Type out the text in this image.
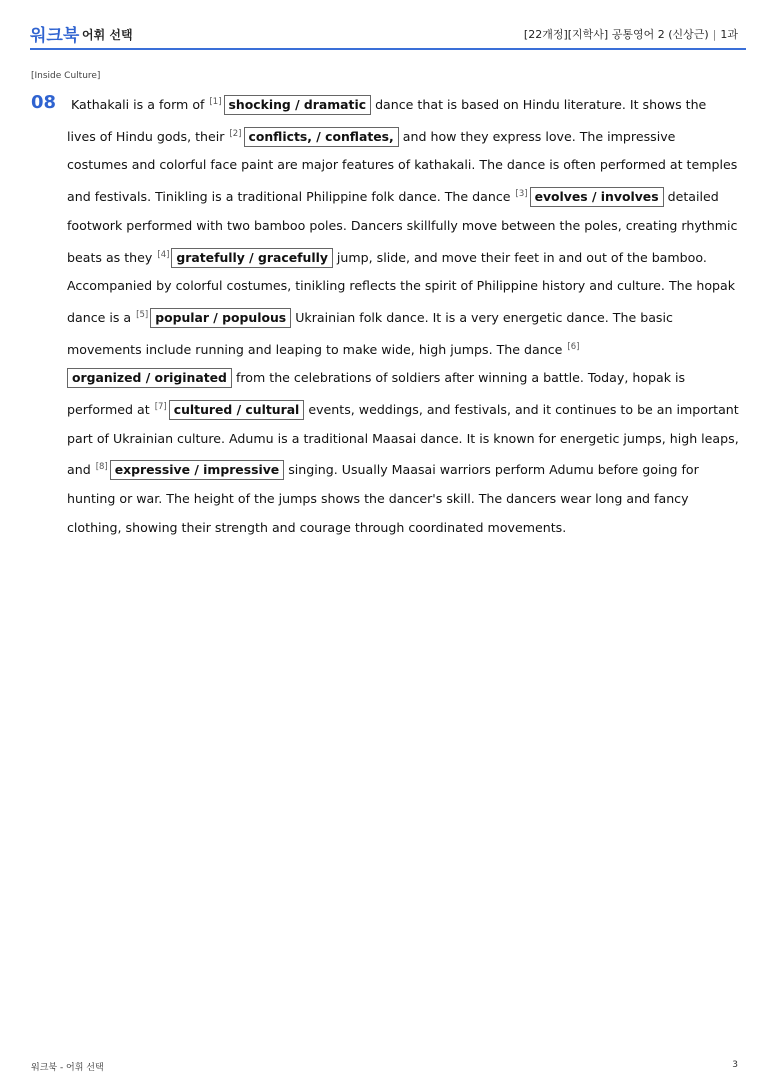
워크북 어휘 선택	[22개정][지학사] 공통영어 2 (신상근) | 1과
[Inside Culture]
08	Kathakali is a form of [1] shocking / dramatic dance that is based on Hindu literature. It shows the lives of Hindu gods, their [2] conflicts, / conflates, and how they express love. The impressive costumes and colorful face paint are major features of kathakali. The dance is often performed at temples and festivals. Tinikling is a traditional Philippine folk dance. The dance [3] evolves / involves detailed footwork performed with two bamboo poles. Dancers skillfully move between the poles, creating rhythmic beats as they [4] gratefully / gracefully jump, slide, and move their feet in and out of the bamboo. Accompanied by colorful costumes, tinikling reflects the spirit of Philippine history and culture. The hopak dance is a [5] popular / populous Ukrainian folk dance. It is a very energetic dance. The basic movements include running and leaping to make wide, high jumps. The dance [6]organized / originated from the celebrations of soldiers after winning a battle. Today, hopak is performed at [7] cultured / cultural events, weddings, and festivals, and it continues to be an important part of Ukrainian culture. Adumu is a traditional Maasai dance. It is known for energetic jumps, high leaps, and [8] expressive / impressive singing. Usually Maasai warriors perform Adumu before going for hunting or war. The height of the jumps shows the dancer's skill. The dancers wear long and fancy clothing, showing their strength and courage through coordinated movements.
워크북 - 어휘 선택	3
